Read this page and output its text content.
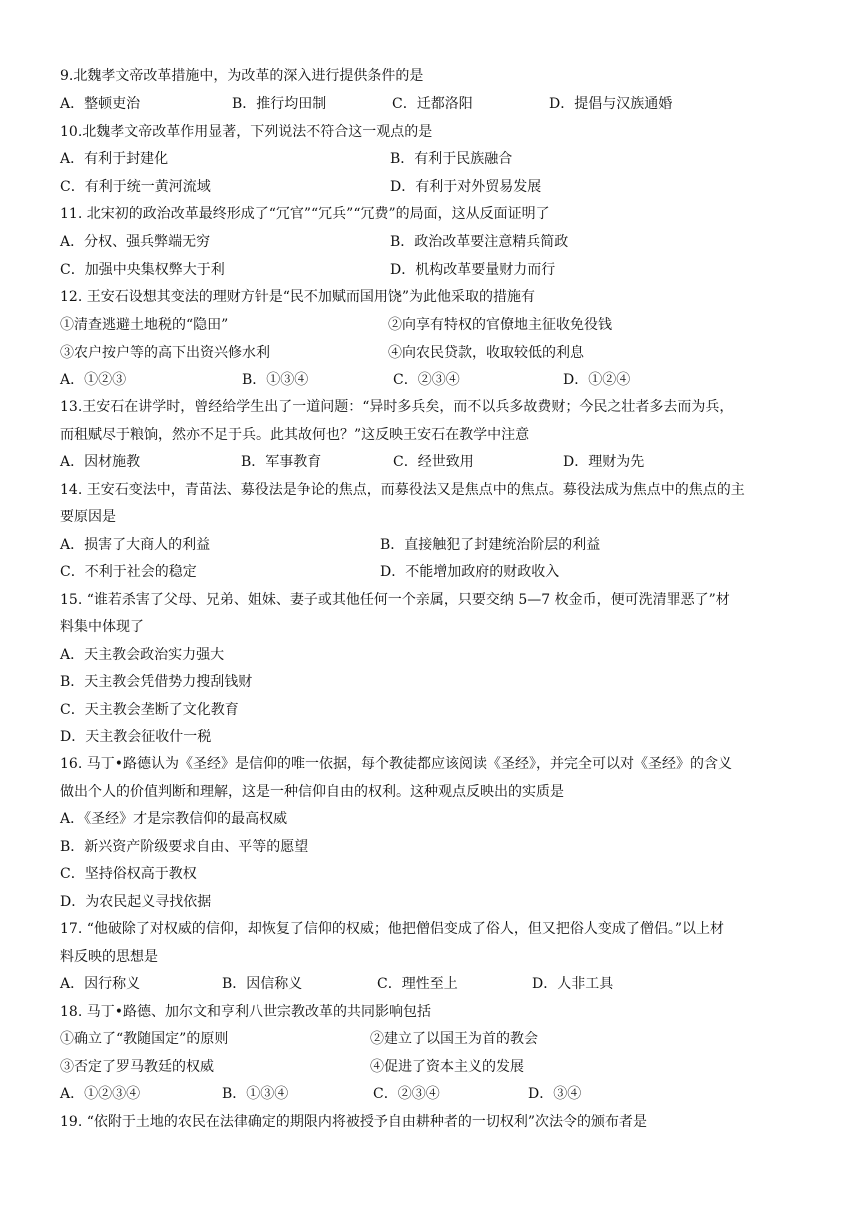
9.北魏孝文帝改革措施中，为改革的深入进行提供条件的是
A．整顿吏治	B．推行均田制	C．迁都洛阳	D．提倡与汉族通婚
10.北魏孝文帝改革作用显著，下列说法不符合这一观点的是
A．有利于封建化	B．有利于民族融合
C．有利于统一黄河流域	D．有利于对外贸易发展
11. 北宋初的政治改革最终形成了“冗官”“冗兵”“冗费”的局面，这从反面证明了
A．分权、强兵弊端无穷	B．政治改革要注意精兵简政
C．加强中央集权弊大于利	D．机构改革要量财力而行
12. 王安石设想其变法的理财方针是“民不加赋而国用饶”为此他采取的措施有
①清查逃避土地税的“隐田”	②向享有特权的官僚地主征收免役钱
③农户按户等的高下出资兴修水利	④向农民贷款，收取较低的利息
A．①②③	B．①③④	C．②③④	D．①②④
13.王安石在讲学时，曾经给学生出了一道问题：“异时多兵矣，而不以兵多故费财；今民之壮者多去而为兵，
而租赋尽于粮饷，然亦不足于兵。此其故何也？”这反映王安石在教学中注意
A．因材施教	B．军事教育	C．经世致用	D．理财为先
14. 王安石变法中，青苗法、募役法是争论的焦点，而募役法又是焦点中的焦点。募役法成为焦点中的焦点的主
要原因是
A．损害了大商人的利益	B．直接触犯了封建统治阶层的利益
C．不利于社会的稳定	D．不能增加政府的财政收入
15. “谁若杀害了父母、兄弟、姐妹、妻子或其他任何一个亲属，只要交纳 5—7 枚金币，便可洗清罪恶了”材
料集中体现了
A．天主教会政治实力强大
B．天主教会凭借势力搜刮钱财
C．天主教会垄断了文化教育
D．天主教会征收什一税
16. 马丁•路德认为《圣经》是信仰的唯一依据，每个教徒都应该阅读《圣经》，并完全可以对《圣经》的含义
做出个人的价值判断和理解，这是一种信仰自由的权利。这种观点反映出的实质是
A．《圣经》才是宗教信仰的最高权威
B．新兴资产阶级要求自由、平等的愿望
C．坚持俗权高于教权
D．为农民起义寻找依据
17. “他破除了对权威的信仰，却恢复了信仰的权威；他把僧侣变成了俗人，但又把俗人变成了僧侣。”以上材
料反映的思想是
A．因行称义	B．因信称义	C．理性至上	D．人非工具
18. 马丁•路德、加尔文和亨利八世宗教改革的共同影响包括
①确立了“教随国定”的原则	②建立了以国王为首的教会
③否定了罗马教廷的权威	④促进了资本主义的发展
A．①②③④	B．①③④	C．②③④	D．③④
19. “依附于土地的农民在法律确定的期限内将被授予自由耕种者的一切权利”次法令的颁布者是
